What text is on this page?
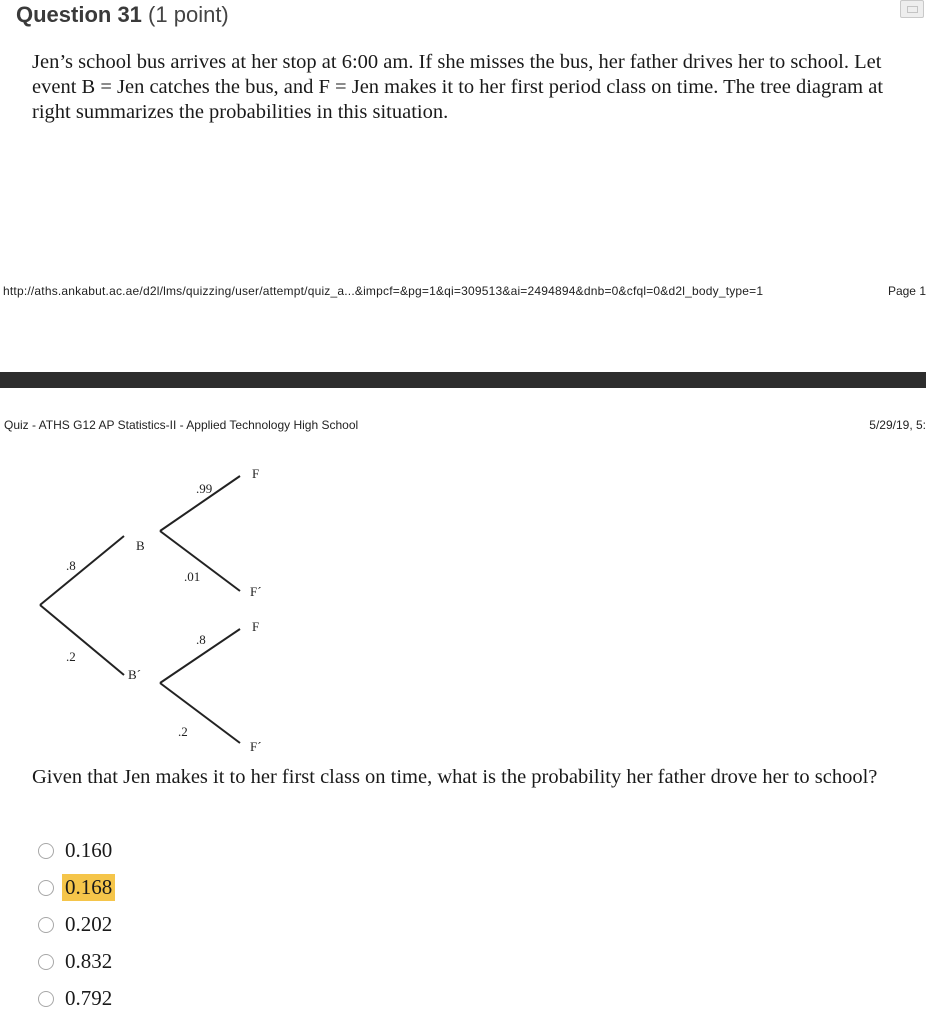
Question 31 (1 point)
Jen’s school bus arrives at her stop at 6:00 am. If she misses the bus, her father drives her to school. Let event B = Jen catches the bus, and F = Jen makes it to her first period class on time. The tree diagram at right summarizes the probabilities in this situation.
http://aths.ankabut.ac.ae/d2l/lms/quizzing/user/attempt/quiz_a...&impcf=&pg=1&qi=309513&ai=2494894&dnb=0&cfql=0&d2l_body_type=1	Page 1
Quiz - ATHS G12 AP Statistics-II - Applied Technology High School	5/29/19, 5:
.8
.2
B
B´
.99
.01
F
F´
.8
.2
F
F´
Given that Jen makes it to her first class on time, what is the probability her father drove her to school?
0.160
0.168
0.202
0.832
0.792
